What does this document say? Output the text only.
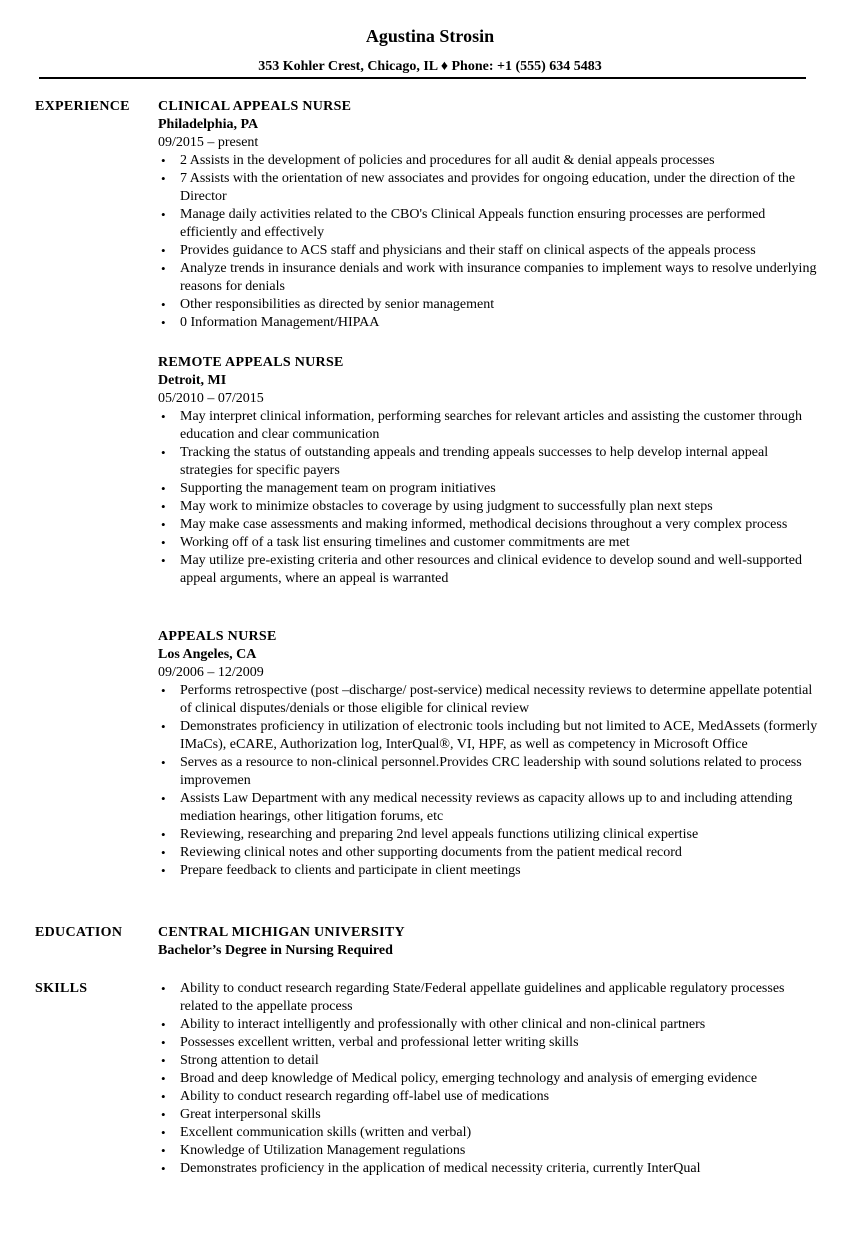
Agustina Strosin
353 Kohler Crest, Chicago, IL ♦ Phone: +1 (555) 634 5483
EXPERIENCE CLINICAL APPEALS NURSE
Philadelphia, PA
09/2015 – present
• 2 Assists in the development of policies and procedures for all audit & denial appeals processes
• 7 Assists with the orientation of new associates and provides for ongoing education, under the direction of the Director
• Manage daily activities related to the CBO's Clinical Appeals function ensuring processes are performed efficiently and effectively
• Provides guidance to ACS staff and physicians and their staff on clinical aspects of the appeals process
• Analyze trends in insurance denials and work with insurance companies to implement ways to resolve underlying reasons for denials
• Other responsibilities as directed by senior management
• 0 Information Management/HIPAA
REMOTE APPEALS NURSE
Detroit, MI
05/2010 – 07/2015
• May interpret clinical information, performing searches for relevant articles and assisting the customer through education and clear communication
• Tracking the status of outstanding appeals and trending appeals successes to help develop internal appeal strategies for specific payers
• Supporting the management team on program initiatives
• May work to minimize obstacles to coverage by using judgment to successfully plan next steps
• May make case assessments and making informed, methodical decisions throughout a very complex process
• Working off of a task list ensuring timelines and customer commitments are met
• May utilize pre-existing criteria and other resources and clinical evidence to develop sound and well-supported appeal arguments, where an appeal is warranted
APPEALS NURSE
Los Angeles, CA
09/2006 – 12/2009
• Performs retrospective (post –discharge/ post-service) medical necessity reviews to determine appellate potential of clinical disputes/denials or those eligible for clinical review
• Demonstrates proficiency in utilization of electronic tools including but not limited to ACE, MedAssets (formerly IMaCs), eCARE, Authorization log, InterQual®, VI, HPF, as well as competency in Microsoft Office
• Serves as a resource to non-clinical personnel.Provides CRC leadership with sound solutions related to process improvemen
• Assists Law Department with any medical necessity reviews as capacity allows up to and including attending mediation hearings, other litigation forums, etc
• Reviewing, researching and preparing 2nd level appeals functions utilizing clinical expertise
• Reviewing clinical notes and other supporting documents from the patient medical record
• Prepare feedback to clients and participate in client meetings
EDUCATION	CENTRAL MICHIGAN UNIVERSITY
Bachelor’s Degree in Nursing Required
SKILLS
•	Ability to conduct research regarding State/Federal appellate guidelines and applicable regulatory processes related to the appellate process
• Ability to interact intelligently and professionally with other clinical and non-clinical partners
• Possesses excellent written, verbal and professional letter writing skills
• Strong attention to detail
• Broad and deep knowledge of Medical policy, emerging technology and analysis of emerging evidence
• Ability to conduct research regarding off-label use of medications
• Great interpersonal skills
• Excellent communication skills (written and verbal)
• Knowledge of Utilization Management regulations
• Demonstrates proficiency in the application of medical necessity criteria, currently InterQual
